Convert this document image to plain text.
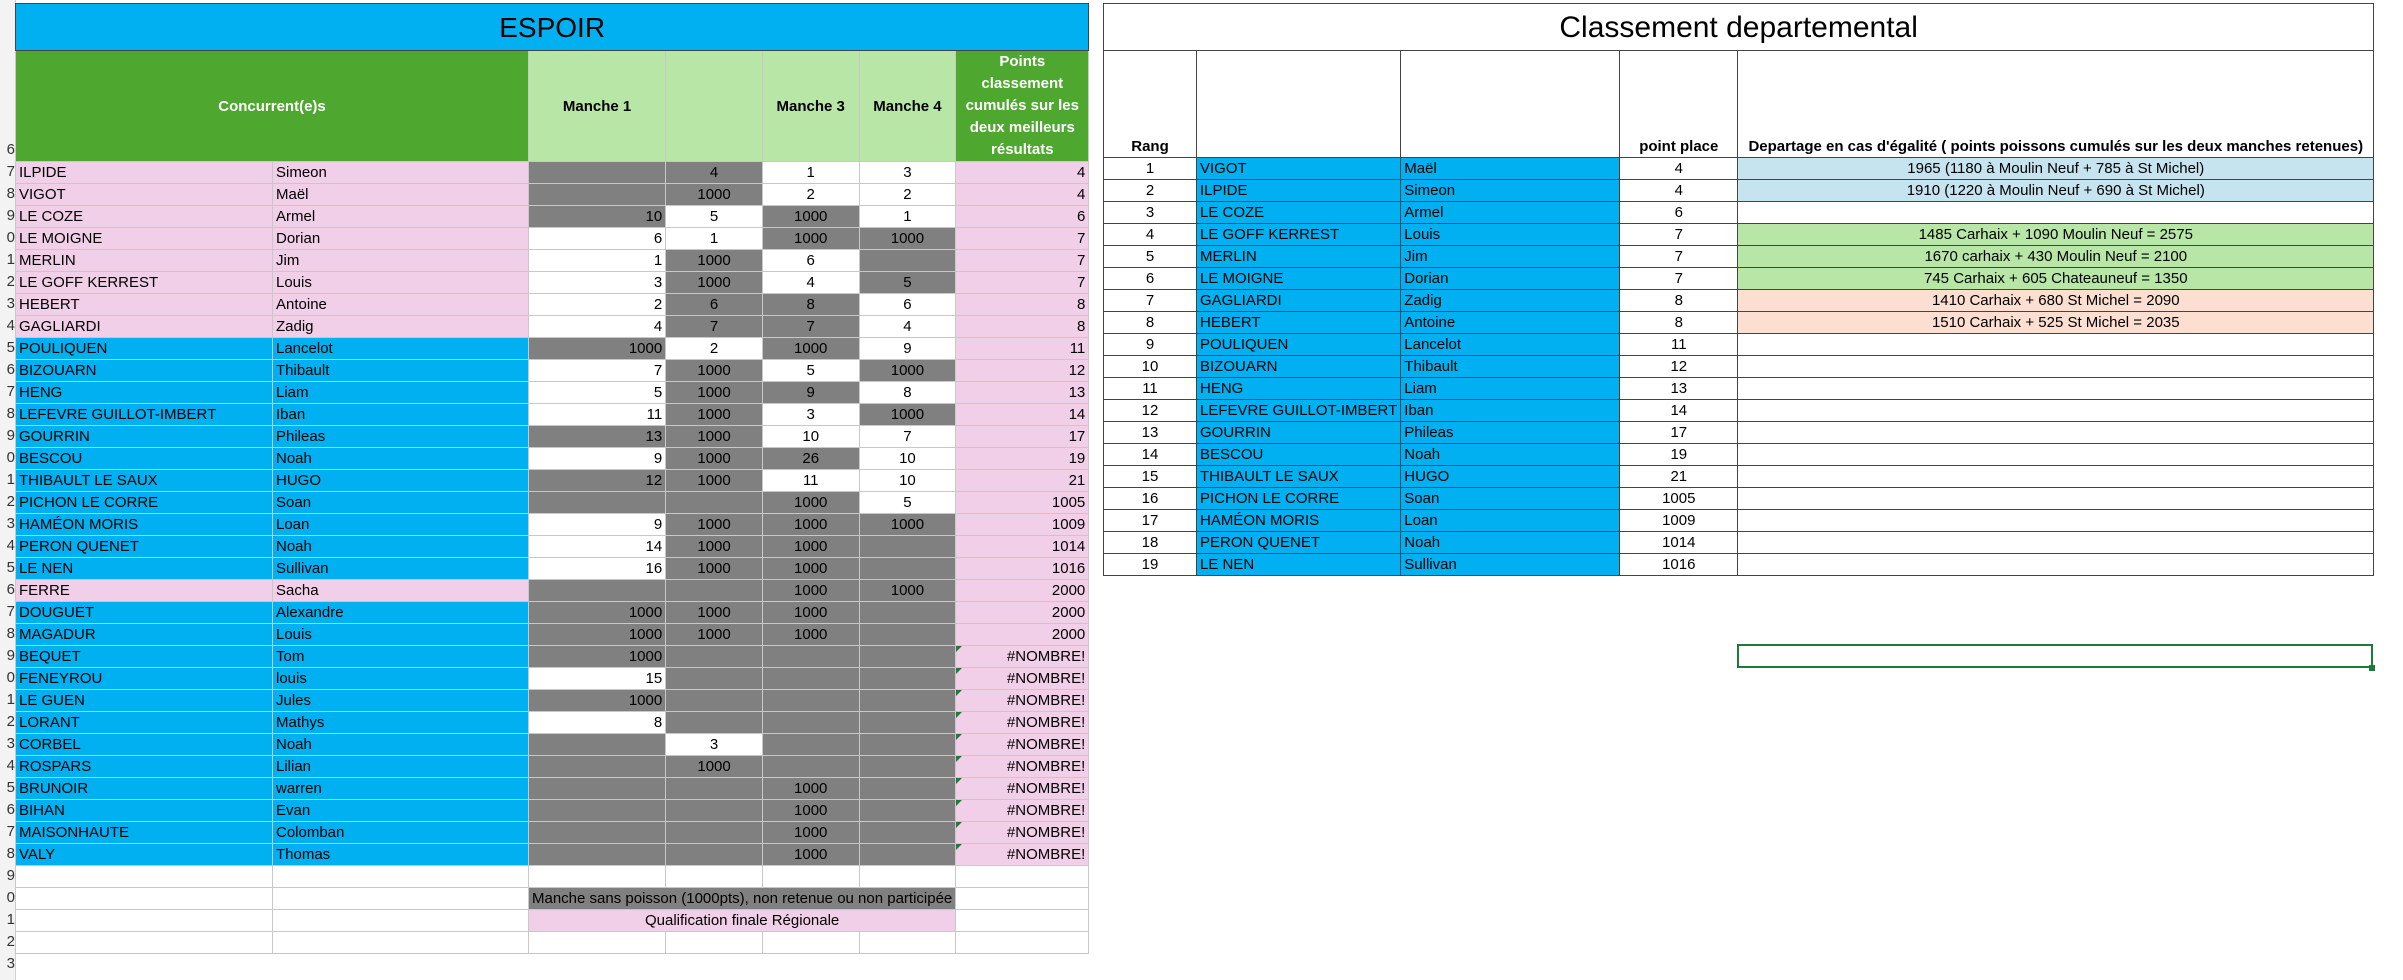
6
7
8
9
0
1
2
3
4
5
6
7
8
9
0
1
2
3
4
5
6
7
8
9
0
1
2
3
4
5
6
7
8
9
0
1
2
3
ESPOIR						
Concurrent(e)s		Manche 1		Manche 3	Manche 4	Points classement cumulés sur les deux meilleurs résultats
ILPIDE	Simeon		4	1	3	4
VIGOT	Maël		1000	2	2	4
LE COZE	Armel	10	5	1000	1	6
LE MOIGNE	Dorian	6	1	1000	1000	7
MERLIN	Jim	1	1000	6		7
LE GOFF KERREST	Louis	3	1000	4	5	7
HEBERT	Antoine	2	6	8	6	8
GAGLIARDI	Zadig	4	7	7	4	8
POULIQUEN	Lancelot	1000	2	1000	9	11
BIZOUARN	Thibault	7	1000	5	1000	12
HENG	Liam	5	1000	9	8	13
LEFEVRE GUILLOT-IMBERT	Iban	11	1000	3	1000	14
GOURRIN	Phileas	13	1000	10	7	17
BESCOU	Noah	9	1000	26	10	19
THIBAULT LE SAUX	HUGO	12	1000	11	10	21
PICHON LE CORRE	Soan			1000	5	1005
HAMÉON MORIS	Loan	9	1000	1000	1000	1009
PERON QUENET	Noah	14	1000	1000		1014
LE NEN	Sullivan	16	1000	1000		1016
FERRE	Sacha			1000	1000	2000
DOUGUET	Alexandre	1000	1000	1000		2000
MAGADUR	Louis	1000	1000	1000		2000
BEQUET	Tom	1000				#NOMBRE!
FENEYROU	louis	15				#NOMBRE!
LE GUEN	Jules	1000				#NOMBRE!
LORANT	Mathys	8				#NOMBRE!
CORBEL	Noah		3			#NOMBRE!
ROSPARS	Lilian		1000			#NOMBRE!
BRUNOIR	warren			1000		#NOMBRE!
BIHAN	Evan			1000		#NOMBRE!
MAISONHAUTE	Colomban			1000		#NOMBRE!
VALY	Thomas			1000		#NOMBRE!

		Manche sans poisson (1000pts), non retenue ou non participée				
		Qualification finale Régionale				

Classement departemental				
Rang			point place	Departage en cas d'égalité ( points poissons cumulés sur les deux manches retenues)
1	VIGOT	Maël	4	1965 (1180 à Moulin Neuf + 785 à St Michel)
2	ILPIDE	Simeon	4	1910 (1220 à Moulin Neuf + 690 à St Michel)
3	LE COZE	Armel	6	
4	LE GOFF KERREST	Louis	7	1485 Carhaix + 1090 Moulin Neuf = 2575
5	MERLIN	Jim	7	1670 carhaix + 430 Moulin Neuf = 2100
6	LE MOIGNE	Dorian	7	745 Carhaix + 605 Chateauneuf = 1350
7	GAGLIARDI	Zadig	8	1410 Carhaix + 680 St Michel = 2090
8	HEBERT	Antoine	8	1510 Carhaix + 525 St Michel = 2035
9	POULIQUEN	Lancelot	11	
10	BIZOUARN	Thibault	12	
11	HENG	Liam	13	
12	LEFEVRE GUILLOT-IMBERT	Iban	14	
13	GOURRIN	Phileas	17	
14	BESCOU	Noah	19	
15	THIBAULT LE SAUX	HUGO	21	
16	PICHON LE CORRE	Soan	1005	
17	HAMÉON MORIS	Loan	1009	
18	PERON QUENET	Noah	1014	
19	LE NEN	Sullivan	1016	
